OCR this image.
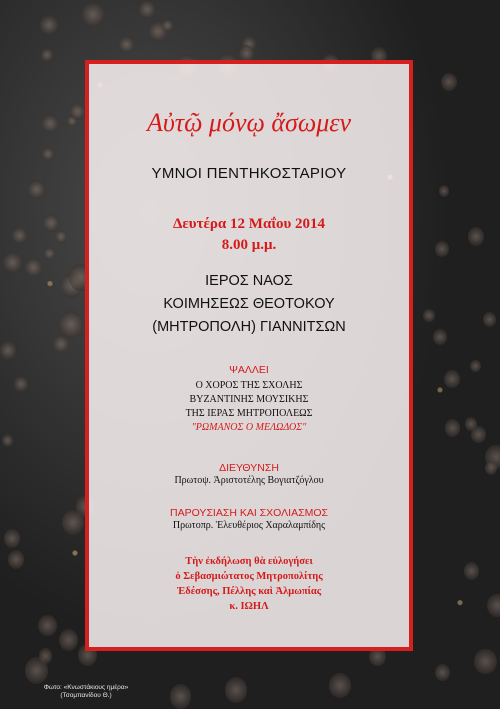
Αὐτῷ μόνῳ ἄσωμεν
ΥΜΝΟΙ ΠΕΝΤΗΚΟΣΤΑΡΙΟΥ
Δευτέρα 12 Μαΐου 2014
8.00 μ.μ.
ΙΕΡΟΣ ΝΑΟΣ
ΚΟΙΜΗΣΕΩΣ ΘΕΟΤΟΚΟΥ
(ΜΗΤΡΟΠΟΛΗ) ΓΙΑΝΝΙΤΣΩΝ
ΨΑΛΛΕΙ
Ο ΧΟΡΟΣ ΤΗΣ ΣΧΟΛΗΣ
ΒΥΖΑΝΤΙΝΗΣ ΜΟΥΣΙΚΗΣ
ΤΗΣ ΙΕΡΑΣ ΜΗΤΡΟΠΟΛΕΩΣ
"ΡΩΜΑΝΟΣ Ο ΜΕΛΩΔΟΣ"
ΔΙΕΥΘΥΝΣΗ
Πρωτοψ. Ἀριστοτέλης Βογιατζόγλου
ΠΑΡΟΥΣΙΑΣΗ ΚΑΙ ΣΧΟΛΙΑΣΜΟΣ
Πρωτοπρ. Ἐλευθέριος Χαραλαμπίδης
Τὴν ἐκδήλωση θὰ εὐλογήσει
ὁ Σεβασμιώτατος Μητροπολίτης
Ἐδέσσης, Πέλλης καὶ Ἀλμωπίας
κ. ΙΩΗΛ
Φωτο: «Κνωστάκιους ημέρα»
(Τσομπανίδου Θ.)
